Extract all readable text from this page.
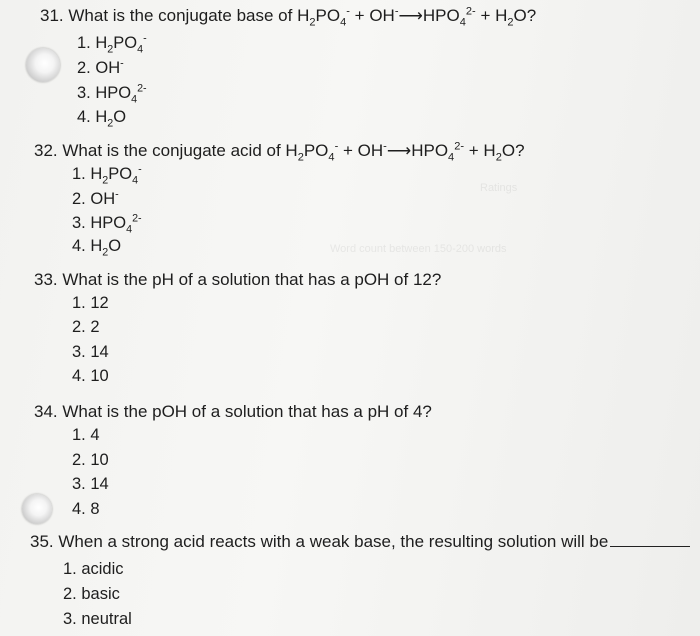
Ratings
Word count between 150-200 words
31. What is the conjugate base of $H_2PO_4^-$ + $OH^-⟶HPO_4^{2-} + H_2O$?
1. $H_2PO_4^-$
2. OH-
3. $HPO_4^{2-}$
4. $H_2O$
32. What is the conjugate acid of $H_2PO_4^-$ + $OH^-⟶HPO_4^{2-} + H_2O$?
1. $H_2PO_4^-$
2. OH-
3. $HPO_4^{2-}$
4. $H_2O$
33. What is the pH of a solution that has a pOH of 12?
1. 12
2. 2
3. 14
4. 10
34. What is the pOH of a solution that has a pH of 4?
1. 4
2. 10
3. 14
4. 8
35. When a strong acid reacts with a weak base, the resulting solution will be
1. acidic
2. basic
3. neutral
